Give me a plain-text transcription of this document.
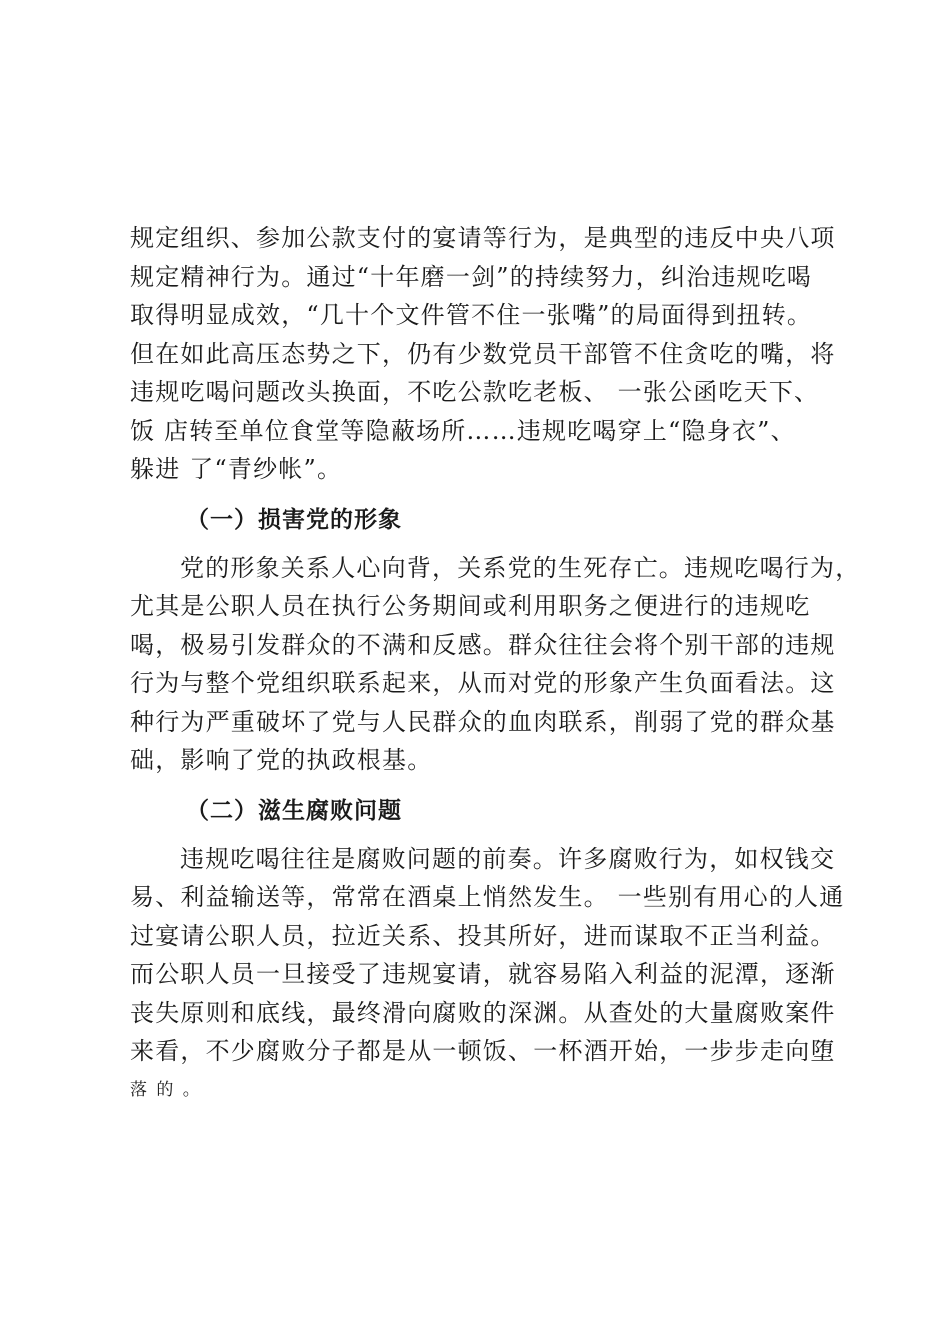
规定组织、参加公款支付的宴请等行为，是典型的违反中央八项
规定精神行为。通过“十年磨一剑”的持续努力，纠治违规吃喝
取得明显成效，“几十个文件管不住一张嘴”的局面得到扭转。
但在如此高压态势之下，仍有少数党员干部管不住贪吃的嘴，将
违规吃喝问题改头换面，不吃公款吃老板、 一张公函吃天下、
饭 店转至单位食堂等隐蔽场所……违规吃喝穿上“隐身衣”、
躲进 了“青纱帐”。
（一）损害党的形象
党的形象关系人心向背，关系党的生死存亡。违规吃喝行为，
尤其是公职人员在执行公务期间或利用职务之便进行的违规吃
喝，极易引发群众的不满和反感。群众往往会将个别干部的违规
行为与整个党组织联系起来，从而对党的形象产生负面看法。这
种行为严重破坏了党与人民群众的血肉联系，削弱了党的群众基
础，影响了党的执政根基。
（二）滋生腐败问题
违规吃喝往往是腐败问题的前奏。许多腐败行为，如权钱交
易、利益输送等，常常在酒桌上悄然发生。 一些别有用心的人通
过宴请公职人员，拉近关系、投其所好，进而谋取不正当利益。
而公职人员一旦接受了违规宴请，就容易陷入利益的泥潭，逐渐
丧失原则和底线，最终滑向腐败的深渊。从查处的大量腐败案件
来看，不少腐败分子都是从一顿饭、一杯酒开始，一步步走向堕
落 的 。
